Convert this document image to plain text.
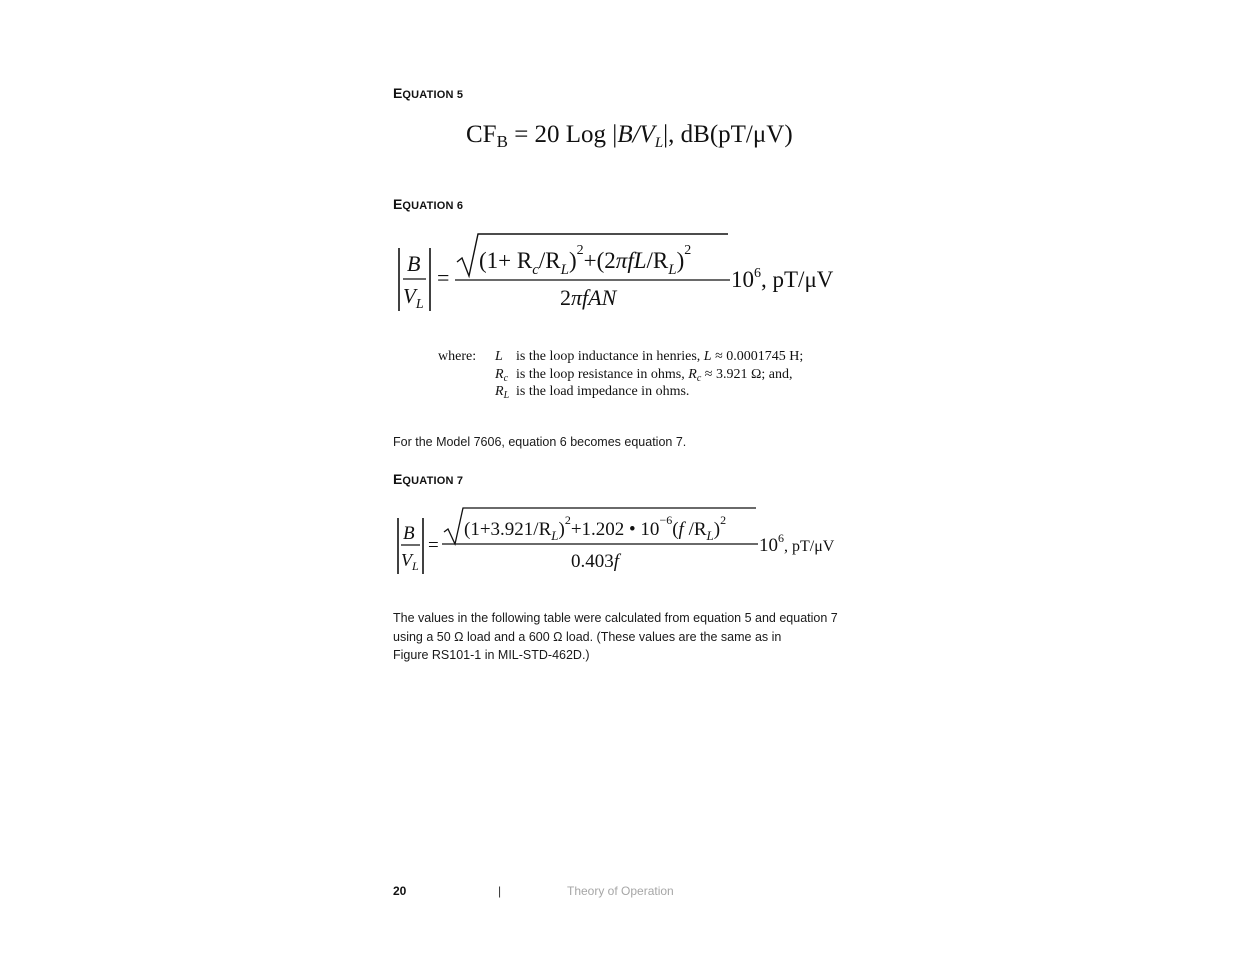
EQUATION 5

$CF_B = 20$ Log $|B/V_L|$, dB(pT/μV)

EQUATION 6

B
$V_L$
=
$(1+ R_c/R_L)^2+(2\pi fL/R_L)^2$
2πfAN
$10^6$, pT/μV
where: L is the loop inductance in henries, L ≈ 0.0001745 H;
$R_c$ is the loop resistance in ohms, $R_c \approx 3.921$ Ω; and,
$R_L$ is the load impedance in ohms.

For the Model 7606, equation 6 becomes equation 7.

EQUATION 7

B
$V_L$
=
$(1+3.921/R_L)^2+1.202$ • $10^{-6}(f$ $/R_L)^2$
0.403f
$10^6_{, pT/\mu V}$

The values in the following table were calculated from equation 5 and equation 7

using a 50 Ω load and a 600 Ω load. (These values are the same as in

Figure RS101-1 in MIL-STD-462D.)

20	|	Theory of Operation
